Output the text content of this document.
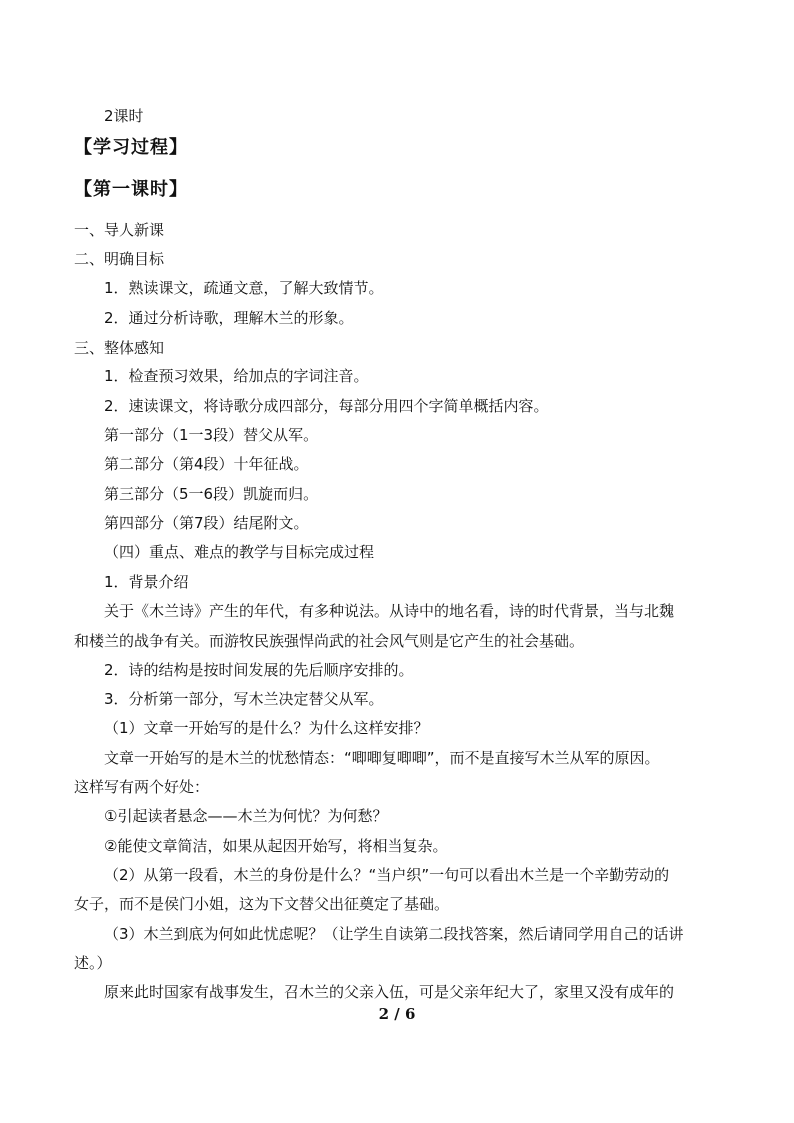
2课时
【学习过程】
【第一课时】
一、导人新课
二、明确目标
1．熟读课文，疏通文意，了解大致情节。
2．通过分析诗歌，理解木兰的形象。
三、整体感知
1．检查预习效果，给加点的字词注音。
2．速读课文，将诗歌分成四部分，每部分用四个字简单概括内容。
第一部分（1一3段）替父从军。
第二部分（第4段）十年征战。
第三部分（5一6段）凯旋而归。
第四部分（第7段）结尾附文。
（四）重点、难点的教学与目标完成过程
1．背景介绍
关于《木兰诗》产生的年代，有多种说法。从诗中的地名看，诗的时代背景，当与北魏
和楼兰的战争有关。而游牧民族强悍尚武的社会风气则是它产生的社会基础。
2．诗的结构是按时间发展的先后顺序安排的。
3．分析第一部分，写木兰决定替父从军。
（1）文章一开始写的是什么？为什么这样安排？
文章一开始写的是木兰的忧愁情态：“唧唧复唧唧”，而不是直接写木兰从军的原因。
这样写有两个好处：
①引起读者悬念——木兰为何忧？为何愁？
②能使文章简洁，如果从起因开始写，将相当复杂。
（2）从第一段看，木兰的身份是什么？“当户织”一句可以看出木兰是一个辛勤劳动的
女子，而不是侯门小姐，这为下文替父出征奠定了基础。
（3）木兰到底为何如此忧虑呢？（让学生自读第二段找答案，然后请同学用自己的话讲
述。）
原来此时国家有战事发生，召木兰的父亲入伍，可是父亲年纪大了，家里又没有成年的
2 / 6
